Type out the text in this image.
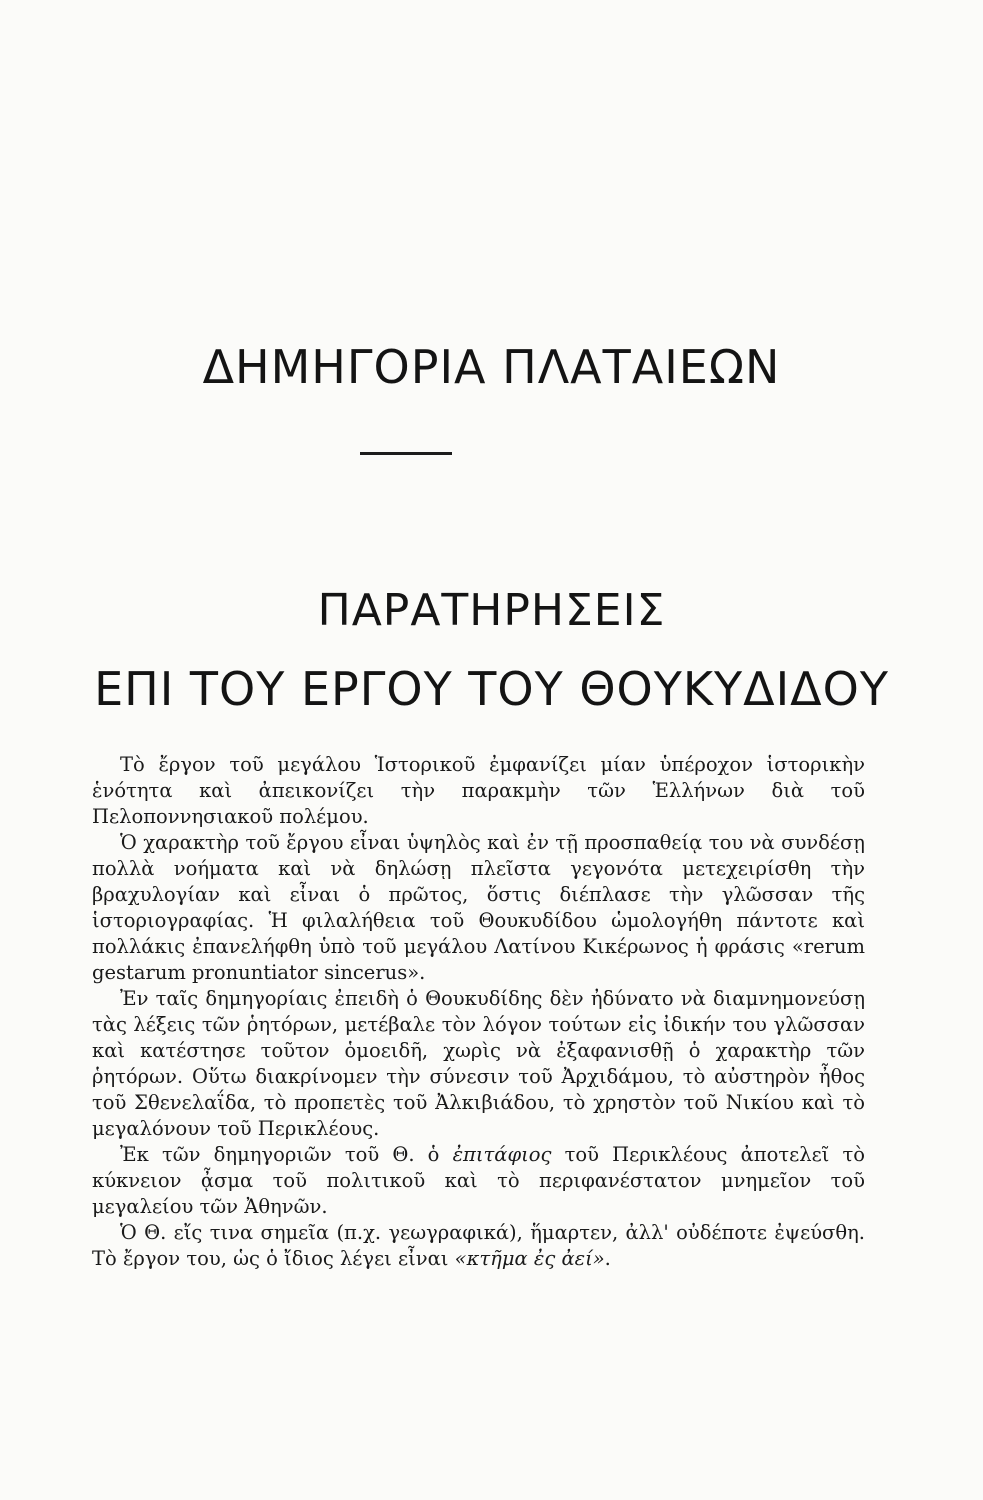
ΔΗΜΗΓΟΡΙΑ ΠΛΑΤΑΙΕΩΝ
ΠΑΡΑΤΗΡΗΣΕΙΣ
ΕΠΙ ΤΟΥ ΕΡΓΟΥ ΤΟΥ ΘΟΥΚΥΔΙΔΟΥ

Τὸ ἔργον τοῦ μεγάλου Ἱστορικοῦ ἐμφανίζει μίαν ὑπέροχον ἱστορικὴν ἑνότητα καὶ ἀπεικονίζει τὴν παρακμὴν τῶν Ἑλλήνων διὰ τοῦ Πελοποννησιακοῦ πολέμου.

Ὁ χαρακτὴρ τοῦ ἔργου εἶναι ὑψηλὸς καὶ ἐν τῇ προσπαθείᾳ του νὰ συνδέσῃ πολλὰ νοήματα καὶ νὰ δηλώσῃ πλεῖστα γεγονότα μετεχειρίσθη τὴν βραχυλογίαν καὶ εἶναι ὁ πρῶτος, ὅστις διέπλασε τὴν γλῶσσαν τῆς ἱστοριογραφίας. Ἡ φιλαλήθεια τοῦ Θουκυδίδου ὡμολογήθη πάντοτε καὶ πολλάκις ἐπανελήφθη ὑπὸ τοῦ μεγάλου Λατίνου Κικέρωνος ἡ φράσις «rerum gestarum pronuntiator sincerus».

Ἐν ταῖς δημηγορίαις ἐπειδὴ ὁ Θουκυδίδης δὲν ἠδύνατο νὰ διαμνημονεύσῃ τὰς λέξεις τῶν ῥητόρων, μετέβαλε τὸν λόγον τούτων εἰς ἰδικήν του γλῶσσαν καὶ κατέστησε τοῦτον ὁμοειδῆ, χωρὶς νὰ ἐξαφανισθῇ ὁ χαρακτὴρ τῶν ῥητόρων. Οὕτω διακρίνομεν τὴν σύνεσιν τοῦ Ἀρχιδάμου, τὸ αὐστηρὸν ἦθος τοῦ Σθενελαΐδα, τὸ προπετὲς τοῦ Ἀλκιβιάδου, τὸ χρηστὸν τοῦ Νικίου καὶ τὸ μεγαλόνουν τοῦ Περικλέους.

Ἐκ τῶν δημηγοριῶν τοῦ Θ. ὁ ἐπιτάφιος τοῦ Περικλέους ἀποτελεῖ τὸ κύκνειον ᾆσμα τοῦ πολιτικοῦ καὶ τὸ περιφανέστατον μνημεῖον τοῦ μεγαλείου τῶν Ἀθηνῶν.

Ὁ Θ. εἴς τινα σημεῖα (π.χ. γεωγραφικά), ἥμαρτεν, ἀλλ' οὐδέποτε ἐψεύσθη. Τὸ ἔργον του, ὡς ὁ ἴδιος λέγει εἶναι «κτῆμα ἐς ἀεί».
